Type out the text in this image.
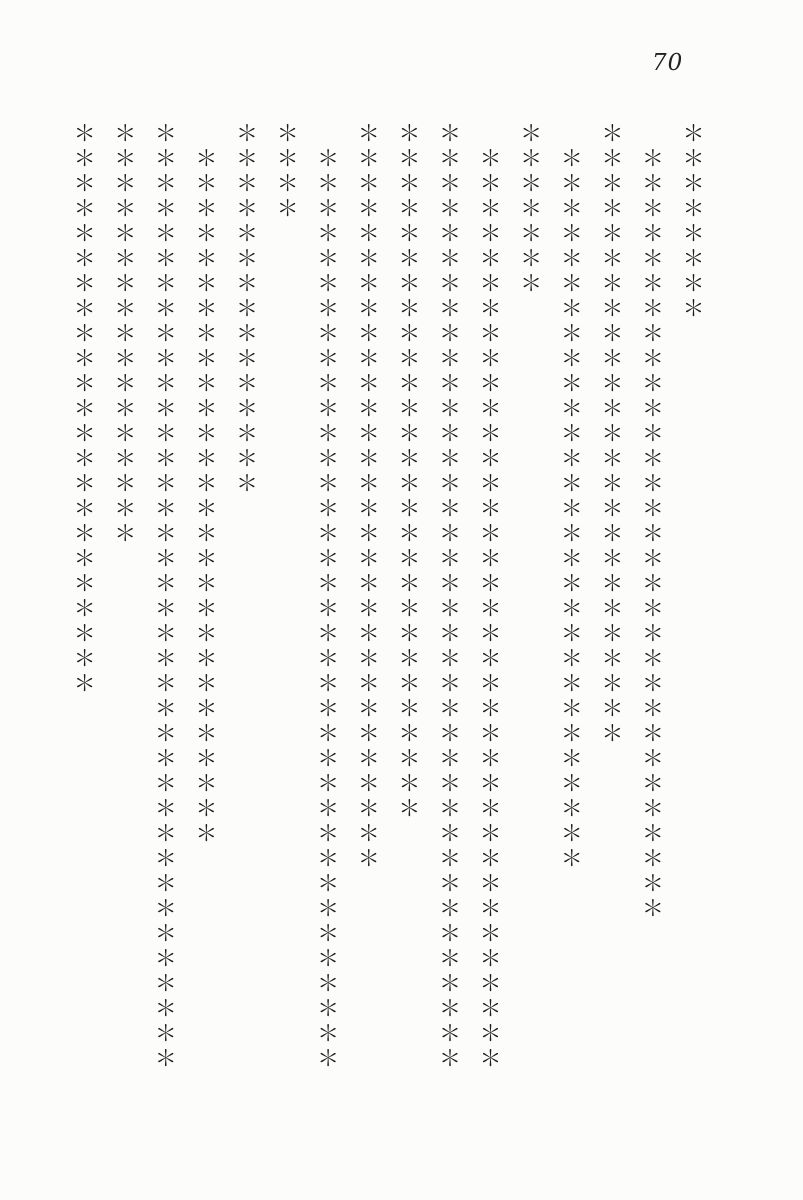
70
＊＊＊＊＊＊＊＊
＊＊＊＊＊＊＊＊＊＊＊＊＊＊＊＊＊＊＊＊＊＊＊＊＊＊＊＊＊＊＊
＊＊＊＊＊＊＊＊＊＊＊＊＊＊＊＊＊＊＊＊＊＊＊＊＊
＊＊＊＊＊＊＊＊＊＊＊＊＊＊＊＊＊＊＊＊＊＊＊＊＊＊＊＊＊
＊＊＊＊＊＊＊
＊＊＊＊＊＊＊＊＊＊＊＊＊＊＊＊＊＊＊＊＊＊＊＊＊＊＊＊＊＊＊＊＊＊＊＊＊
＊＊＊＊＊＊＊＊＊＊＊＊＊＊＊＊＊＊＊＊＊＊＊＊＊＊＊＊＊＊＊＊＊＊＊＊＊＊
＊＊＊＊＊＊＊＊＊＊＊＊＊＊＊＊＊＊＊＊＊＊＊＊＊＊＊＊
＊＊＊＊＊＊＊＊＊＊＊＊＊＊＊＊＊＊＊＊＊＊＊＊＊＊＊＊＊＊
＊＊＊＊＊＊＊＊＊＊＊＊＊＊＊＊＊＊＊＊＊＊＊＊＊＊＊＊＊＊＊＊＊＊＊＊＊
＊＊＊＊
＊＊＊＊＊＊＊＊＊＊＊＊＊＊＊
＊＊＊＊＊＊＊＊＊＊＊＊＊＊＊＊＊＊＊＊＊＊＊＊＊＊＊＊
＊＊＊＊＊＊＊＊＊＊＊＊＊＊＊＊＊＊＊＊＊＊＊＊＊＊＊＊＊＊＊＊＊＊＊＊＊＊
＊＊＊＊＊＊＊＊＊＊＊＊＊＊＊＊＊
＊＊＊＊＊＊＊＊＊＊＊＊＊＊＊＊＊＊＊＊＊＊＊
